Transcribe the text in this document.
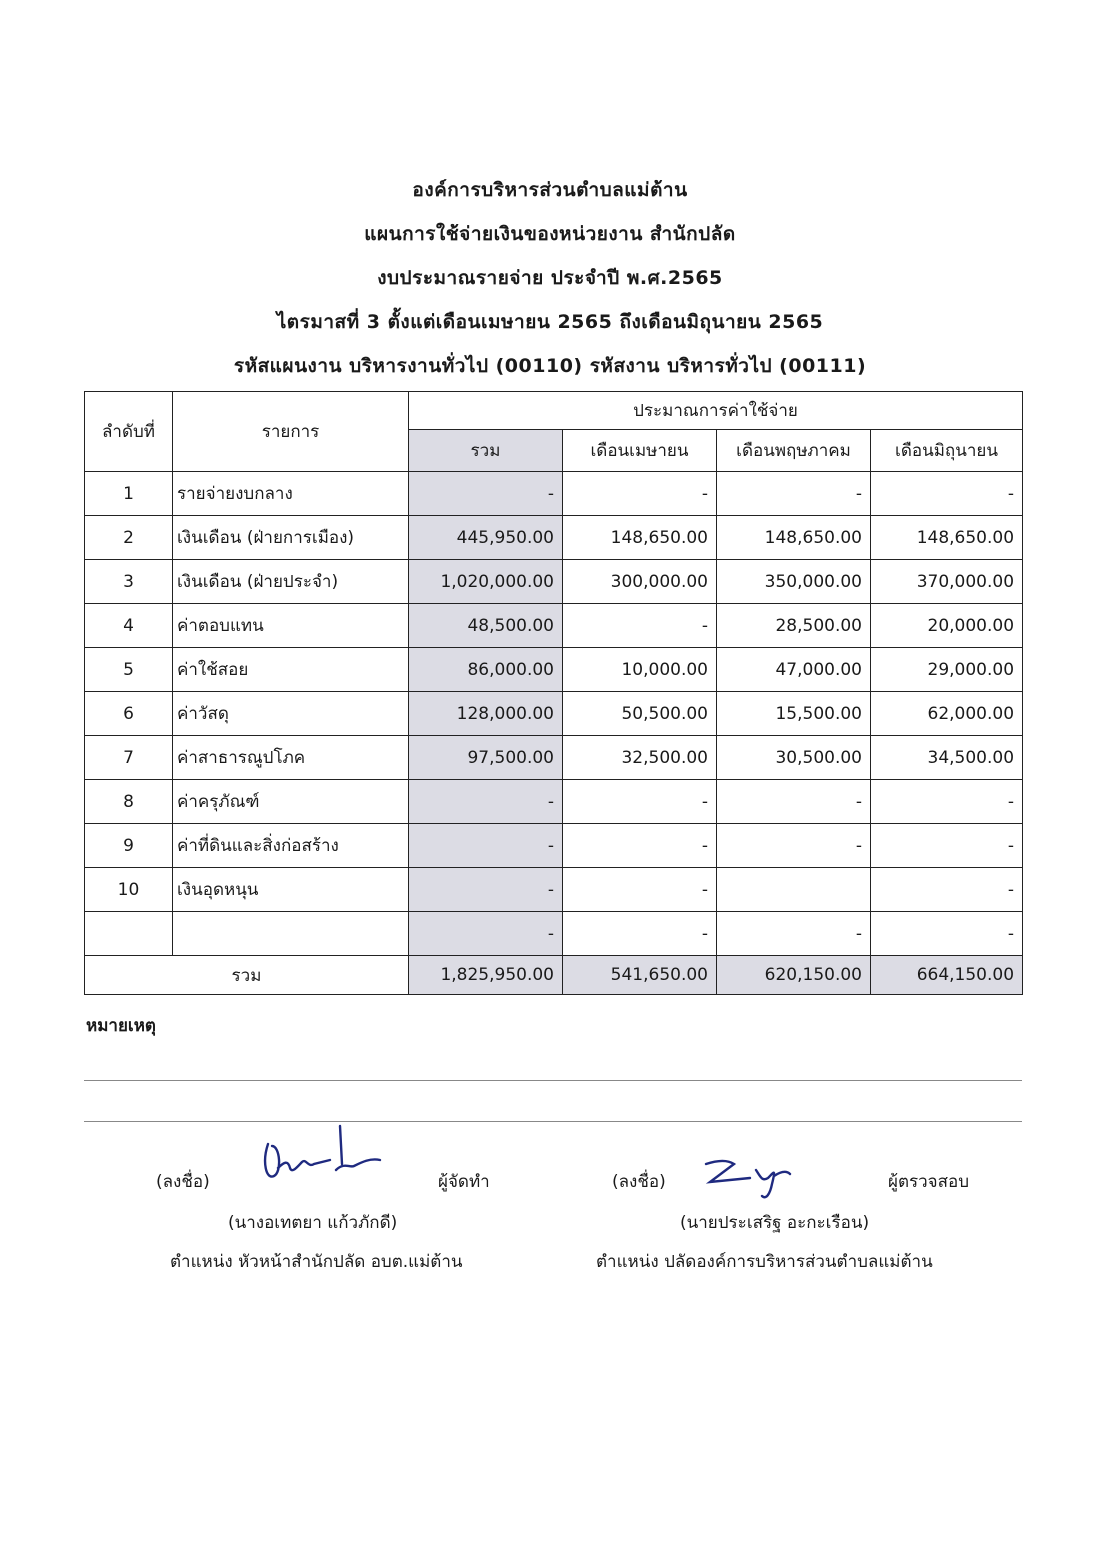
องค์การบริหารส่วนตำบลแม่ต้าน
แผนการใช้จ่ายเงินของหน่วยงาน สำนักปลัด
งบประมาณรายจ่าย ประจำปี พ.ศ.2565
ไตรมาสที่ 3 ตั้งแต่เดือนเมษายน 2565 ถึงเดือนมิถุนายน 2565
รหัสแผนงาน บริหารงานทั่วไป (00110) รหัสงาน บริหารทั่วไป (00111)
ลำดับที่	รายการ	ประมาณการค่าใช้จ่าย			
		รวม	เดือนเมษายน	เดือนพฤษภาคม	เดือนมิถุนายน
1	รายจ่ายงบกลาง	-	-	-	-
2	เงินเดือน (ฝ่ายการเมือง)	445,950.00	148,650.00	148,650.00	148,650.00
3	เงินเดือน (ฝ่ายประจำ)	1,020,000.00	300,000.00	350,000.00	370,000.00
4	ค่าตอบแทน	48,500.00	-	28,500.00	20,000.00
5	ค่าใช้สอย	86,000.00	10,000.00	47,000.00	29,000.00
6	ค่าวัสดุ	128,000.00	50,500.00	15,500.00	62,000.00
7	ค่าสาธารณูปโภค	97,500.00	32,500.00	30,500.00	34,500.00
8	ค่าครุภัณฑ์	-	-	-	-
9	ค่าที่ดินและสิ่งก่อสร้าง	-	-	-	-
10	เงินอุดหนุน	-	-		-
		-	-	-	-
รวม		1,825,950.00	541,650.00	620,150.00	664,150.00
หมายเหตุ
(ลงชื่อ)	ผู้จัดทำ
(นางอเทตยา แก้วภักดี)
ตำแหน่ง หัวหน้าสำนักปลัด อบต.แม่ต้าน
(ลงชื่อ)	ผู้ตรวจสอบ
(นายประเสริฐ อะกะเรือน)
ตำแหน่ง ปลัดองค์การบริหารส่วนตำบลแม่ต้าน
